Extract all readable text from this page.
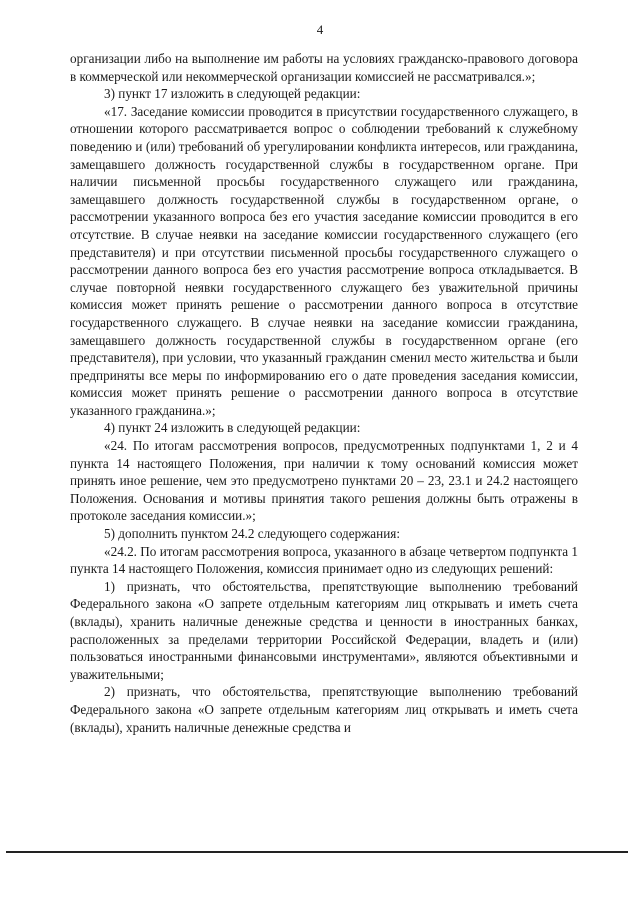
4

организации либо на выполнение им работы на условиях гражданско-правового договора в коммерческой или некоммерческой организации комиссией не рассматривался.»;

3) пункт 17 изложить в следующей редакции:

«17. Заседание комиссии проводится в присутствии государственного служащего, в отношении которого рассматривается вопрос о соблюдении требований к служебному поведению и (или) требований об урегулировании конфликта интересов, или гражданина, замещавшего должность государственной службы в государственном органе. При наличии письменной просьбы государственного служащего или гражданина, замещавшего должность государственной службы в государственном органе, о рассмотрении указанного вопроса без его участия заседание комиссии проводится в его отсутствие. В случае неявки на заседание комиссии государственного служащего (его представителя) и при отсутствии письменной просьбы государственного служащего о рассмотрении данного вопроса без его участия рассмотрение вопроса откладывается. В случае повторной неявки государственного служащего без уважительной причины комиссия может принять решение о рассмотрении данного вопроса в отсутствие государственного служащего. В случае неявки на заседание комиссии гражданина, замещавшего должность государственной службы в государственном органе (его представителя), при условии, что указанный гражданин сменил место жительства и были предприняты все меры по информированию его о дате проведения заседания комиссии, комиссия может принять решение о рассмотрении данного вопроса в отсутствие указанного гражданина.»;

4) пункт 24 изложить в следующей редакции:

«24. По итогам рассмотрения вопросов, предусмотренных подпунктами 1, 2 и 4 пункта 14 настоящего Положения, при наличии к тому оснований комиссия может принять иное решение, чем это предусмотрено пунктами 20 – 23, 23.1 и 24.2 настоящего Положения. Основания и мотивы принятия такого решения должны быть отражены в протоколе заседания комиссии.»;

5) дополнить пунктом 24.2 следующего содержания:

«24.2. По итогам рассмотрения вопроса, указанного в абзаце четвертом подпункта 1 пункта 14 настоящего Положения, комиссия принимает одно из следующих решений:

1) признать, что обстоятельства, препятствующие выполнению требований Федерального закона «О запрете отдельным категориям лиц открывать и иметь счета (вклады), хранить наличные денежные средства и ценности в иностранных банках, расположенных за пределами территории Российской Федерации, владеть и (или) пользоваться иностранными финансовыми инструментами», являются объективными и уважительными;

2) признать, что обстоятельства, препятствующие выполнению требований Федерального закона «О запрете отдельным категориям лиц открывать и иметь счета (вклады), хранить наличные денежные средства и
